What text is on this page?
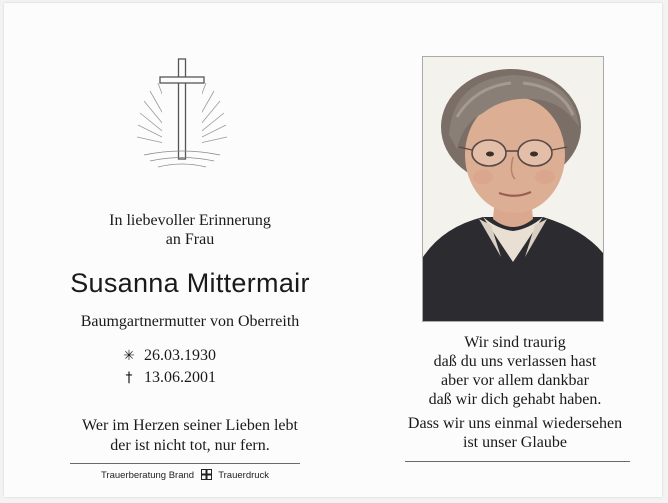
In liebevoller Erinnerung
an Frau
Susanna Mittermair
Baumgartnermutter von Oberreith
✳ 26.03.1930
† 13.06.2001
Wer im Herzen seiner Lieben lebt
der ist nicht tot, nur fern.
Trauerberatung Brand	Trauerdruck
Wir sind traurig
daß du uns verlassen hast
aber vor allem dankbar
daß wir dich gehabt haben.
Dass wir uns einmal wiedersehen
ist unser Glaube
